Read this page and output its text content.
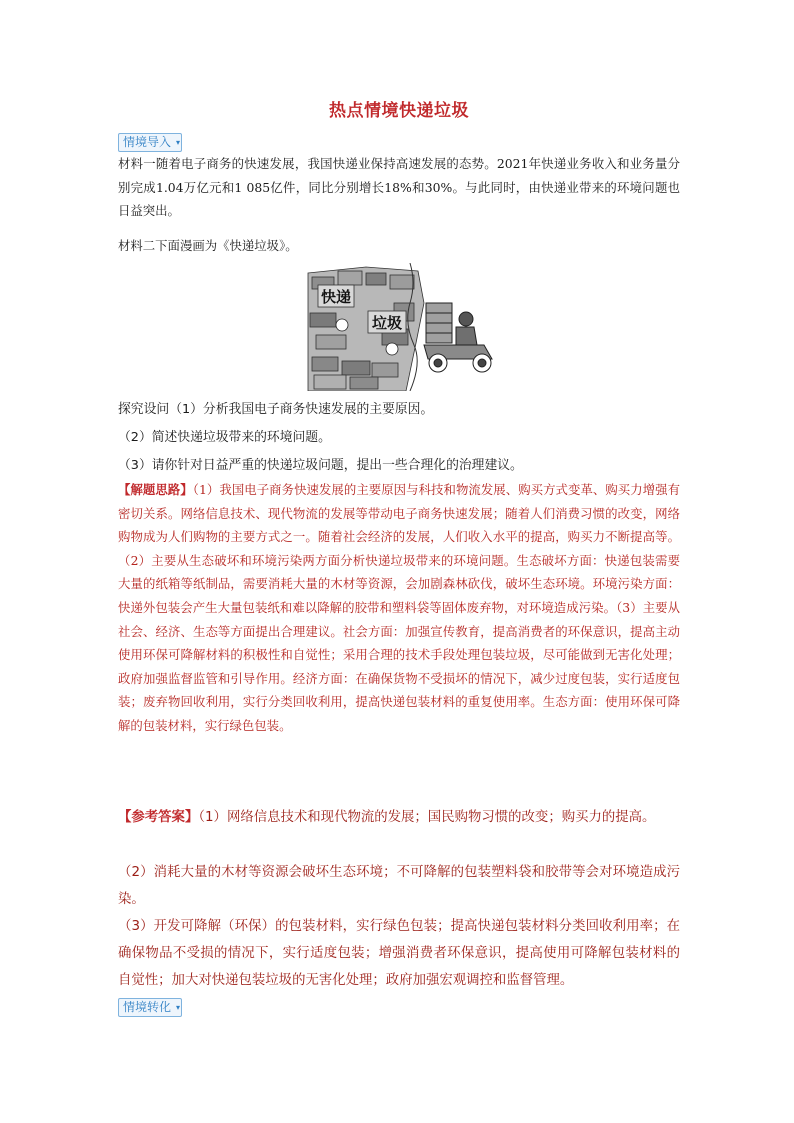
热点情境快递垃圾
情境导入 ▾
材料一随着电子商务的快速发展，我国快递业保持高速发展的态势。2021年快递业务收入和业务量分别完成1.04万亿元和1 085亿件，同比分别增长18%和30%。与此同时，由快递业带来的环境问题也日益突出。
材料二下面漫画为《快递垃圾》。
快递
垃圾
探究设问（1）分析我国电子商务快速发展的主要原因。
（2）简述快递垃圾带来的环境问题。
（3）请你针对日益严重的快递垃圾问题，提出一些合理化的治理建议。
【解题思路】（1）我国电子商务快速发展的主要原因与科技和物流发展、购买方式变革、购买力增强有密切关系。网络信息技术、现代物流的发展等带动电子商务快速发展；随着人们消费习惯的改变，网络购物成为人们购物的主要方式之一。随着社会经济的发展，人们收入水平的提高，购买力不断提高等。（2）主要从生态破坏和环境污染两方面分析快递垃圾带来的环境问题。生态破坏方面：快递包装需要大量的纸箱等纸制品，需要消耗大量的木材等资源，会加剧森林砍伐，破坏生态环境。环境污染方面：快递外包装会产生大量包装纸和难以降解的胶带和塑料袋等固体废弃物，对环境造成污染。（3）主要从社会、经济、生态等方面提出合理建议。社会方面：加强宣传教育，提高消费者的环保意识，提高主动使用环保可降解材料的积极性和自觉性；采用合理的技术手段处理包装垃圾，尽可能做到无害化处理；政府加强监督监管和引导作用。经济方面：在确保货物不受损坏的情况下，减少过度包装，实行适度包装；废弃物回收利用，实行分类回收利用，提高快递包装材料的重复使用率。生态方面：使用环保可降解的包装材料，实行绿色包装。
【参考答案】（1）网络信息技术和现代物流的发展；国民购物习惯的改变；购买力的提高。
（2）消耗大量的木材等资源会破坏生态环境；不可降解的包装塑料袋和胶带等会对环境造成污染。
（3）开发可降解（环保）的包装材料，实行绿色包装；提高快递包装材料分类回收利用率；在确保物品不受损的情况下，实行适度包装；增强消费者环保意识，提高使用可降解包装材料的自觉性；加大对快递包装垃圾的无害化处理；政府加强宏观调控和监督管理。
情境转化 ▾
